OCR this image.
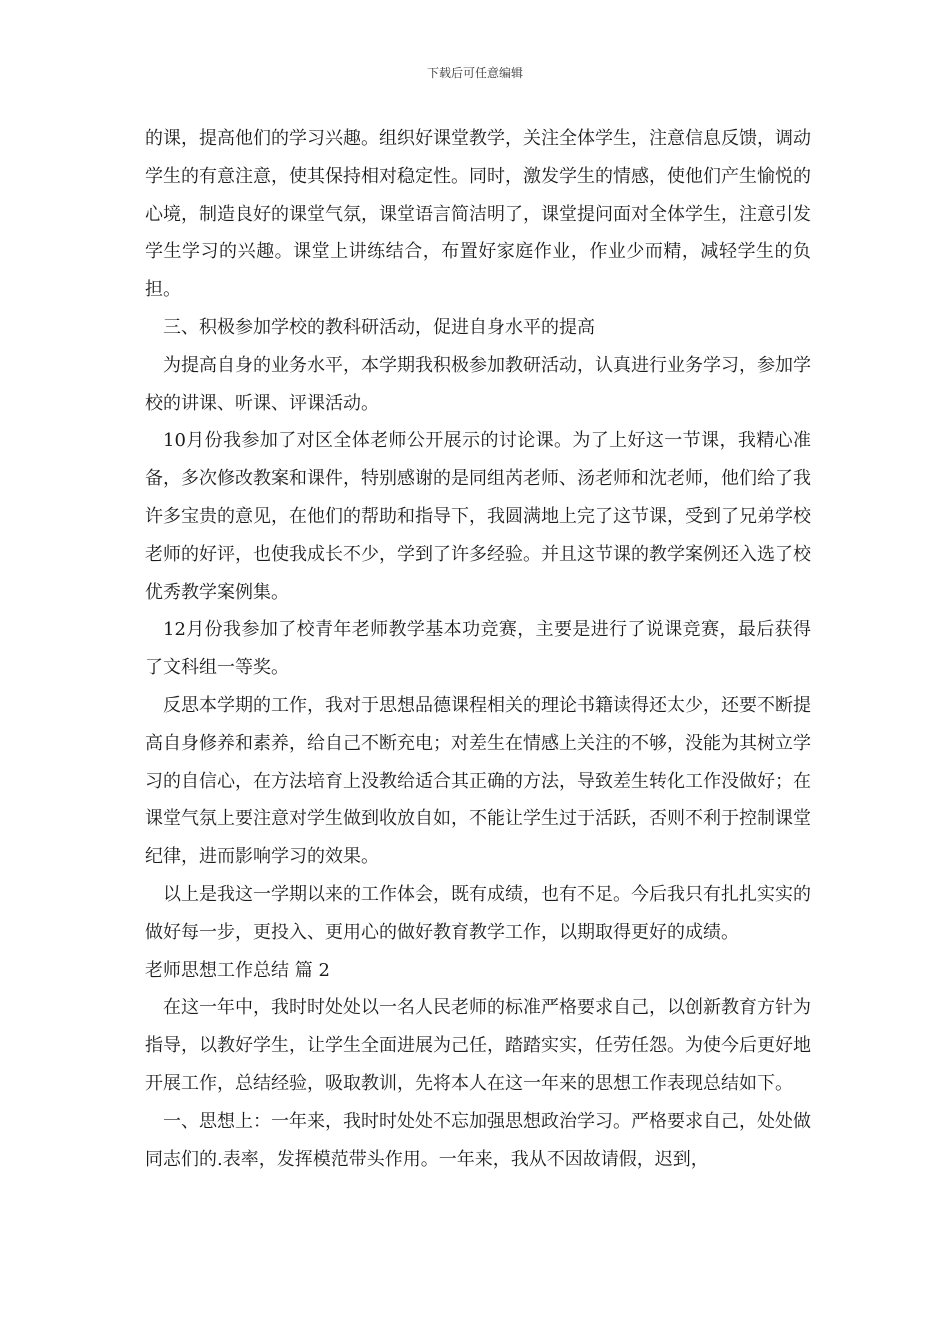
下载后可任意编辑

的课，提高他们的学习兴趣。组织好课堂教学，关注全体学生，注意信息反馈，调动学生的有意注意，使其保持相对稳定性。同时，激发学生的情感，使他们产生愉悦的心境，制造良好的课堂气氛，课堂语言简洁明了，课堂提问面对全体学生，注意引发学生学习的兴趣。课堂上讲练结合，布置好家庭作业，作业少而精，减轻学生的负担。

三、积极参加学校的教科研活动，促进自身水平的提高

为提高自身的业务水平，本学期我积极参加教研活动，认真进行业务学习，参加学校的讲课、听课、评课活动。

10月份我参加了对区全体老师公开展示的讨论课。为了上好这一节课，我精心准备，多次修改教案和课件，特别感谢的是同组芮老师、汤老师和沈老师，他们给了我许多宝贵的意见，在他们的帮助和指导下，我圆满地上完了这节课，受到了兄弟学校老师的好评，也使我成长不少，学到了许多经验。并且这节课的教学案例还入选了校优秀教学案例集。

12月份我参加了校青年老师教学基本功竞赛，主要是进行了说课竞赛，最后获得了文科组一等奖。

反思本学期的工作，我对于思想品德课程相关的理论书籍读得还太少，还要不断提高自身修养和素养，给自己不断充电；对差生在情感上关注的不够，没能为其树立学习的自信心，在方法培育上没教给适合其正确的方法，导致差生转化工作没做好；在课堂气氛上要注意对学生做到收放自如，不能让学生过于活跃，否则不利于控制课堂纪律，进而影响学习的效果。

以上是我这一学期以来的工作体会，既有成绩，也有不足。今后我只有扎扎实实的做好每一步，更投入、更用心的做好教育教学工作，以期取得更好的成绩。

老师思想工作总结 篇 2

在这一年中，我时时处处以一名人民老师的标准严格要求自己，以创新教育方针为指导，以教好学生，让学生全面进展为己任，踏踏实实，任劳任怨。为使今后更好地开展工作，总结经验，吸取教训，先将本人在这一年来的思想工作表现总结如下。

一、思想上：一年来，我时时处处不忘加强思想政治学习。严格要求自己，处处做同志们的.表率，发挥模范带头作用。一年来，我从不因故请假，迟到，
